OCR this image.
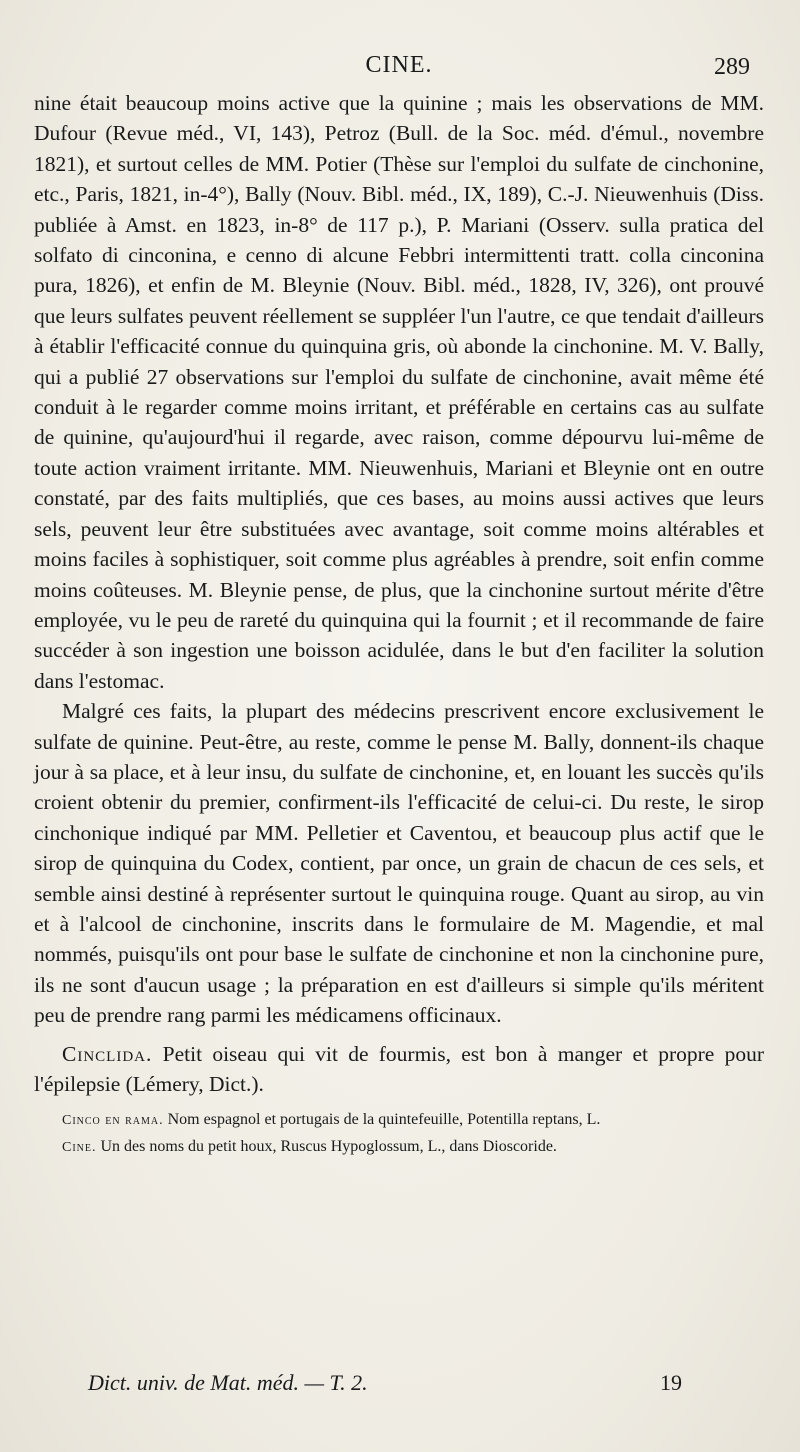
CINE.	289

nine était beaucoup moins active que la quinine ; mais les observations de MM. Dufour (Revue méd., VI, 143), Petroz (Bull. de la Soc. méd. d'émul., novembre 1821), et surtout celles de MM. Potier (Thèse sur l'emploi du sulfate de cinchonine, etc., Paris, 1821, in-4°), Bally (Nouv. Bibl. méd., IX, 189), C.-J. Nieuwenhuis (Diss. publiée à Amst. en 1823, in-8° de 117 p.), P. Mariani (Osserv. sulla pratica del solfato di cinconina, e cenno di alcune Febbri intermittenti tratt. colla cinconina pura, 1826), et enfin de M. Bleynie (Nouv. Bibl. méd., 1828, IV, 326), ont prouvé que leurs sulfates peuvent réellement se suppléer l'un l'autre, ce que tendait d'ailleurs à établir l'efficacité connue du quinquina gris, où abonde la cinchonine. M. V. Bally, qui a publié 27 observations sur l'emploi du sulfate de cinchonine, avait même été conduit à le regarder comme moins irritant, et préférable en certains cas au sulfate de quinine, qu'aujourd'hui il regarde, avec raison, comme dépourvu lui-même de toute action vraiment irritante. MM. Nieuwenhuis, Mariani et Bleynie ont en outre constaté, par des faits multipliés, que ces bases, au moins aussi actives que leurs sels, peuvent leur être substituées avec avantage, soit comme moins altérables et moins faciles à sophistiquer, soit comme plus agréables à prendre, soit enfin comme moins coûteuses. M. Bleynie pense, de plus, que la cinchonine surtout mérite d'être employée, vu le peu de rareté du quinquina qui la fournit ; et il recommande de faire succéder à son ingestion une boisson acidulée, dans le but d'en faciliter la solution dans l'estomac.

Malgré ces faits, la plupart des médecins prescrivent encore exclusivement le sulfate de quinine. Peut-être, au reste, comme le pense M. Bally, donnent-ils chaque jour à sa place, et à leur insu, du sulfate de cinchonine, et, en louant les succès qu'ils croient obtenir du premier, confirment-ils l'efficacité de celui-ci. Du reste, le sirop cinchonique indiqué par MM. Pelletier et Caventou, et beaucoup plus actif que le sirop de quinquina du Codex, contient, par once, un grain de chacun de ces sels, et semble ainsi destiné à représenter surtout le quinquina rouge. Quant au sirop, au vin et à l'alcool de cinchonine, inscrits dans le formulaire de M. Magendie, et mal nommés, puisqu'ils ont pour base le sulfate de cinchonine et non la cinchonine pure, ils ne sont d'aucun usage ; la préparation en est d'ailleurs si simple qu'ils méritent peu de prendre rang parmi les médicamens officinaux.

Cinclida. Petit oiseau qui vit de fourmis, est bon à manger et propre pour l'épilepsie (Lémery, Dict.).

Cinco en rama. Nom espagnol et portugais de la quintefeuille, Potentilla reptans, L.

Cine. Un des noms du petit houx, Ruscus Hypoglossum, L., dans Dioscoride.

Dict. univ. de Mat. méd. — T. 2.	19
